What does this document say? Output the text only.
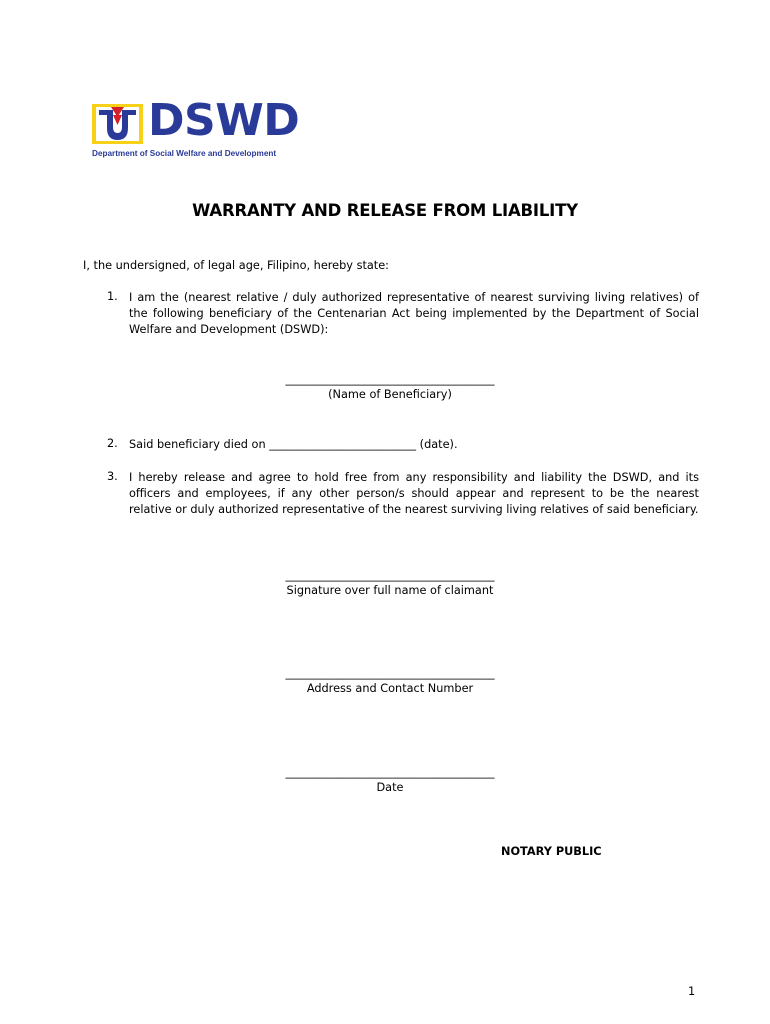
DSWD
Department of Social Welfare and Development
WARRANTY AND RELEASE FROM LIABILITY
I, the undersigned, of legal age, Filipino, hereby state:
1. I am the (nearest relative / duly authorized representative of nearest surviving living relatives) of the following beneficiary of the Centenarian Act being implemented by the Department of Social Welfare and Development (DSWD):
_____________________________________
(Name of Beneficiary)
2. Said beneficiary died on __________________________ (date).
3. I hereby release and agree to hold free from any responsibility and liability the DSWD, and its officers and employees, if any other person/s should appear and represent to be the nearest relative or duly authorized representative of the nearest surviving living relatives of said beneficiary.
_____________________________________
Signature over full name of claimant
_____________________________________
Address and Contact Number
_____________________________________
Date
NOTARY PUBLIC
1
